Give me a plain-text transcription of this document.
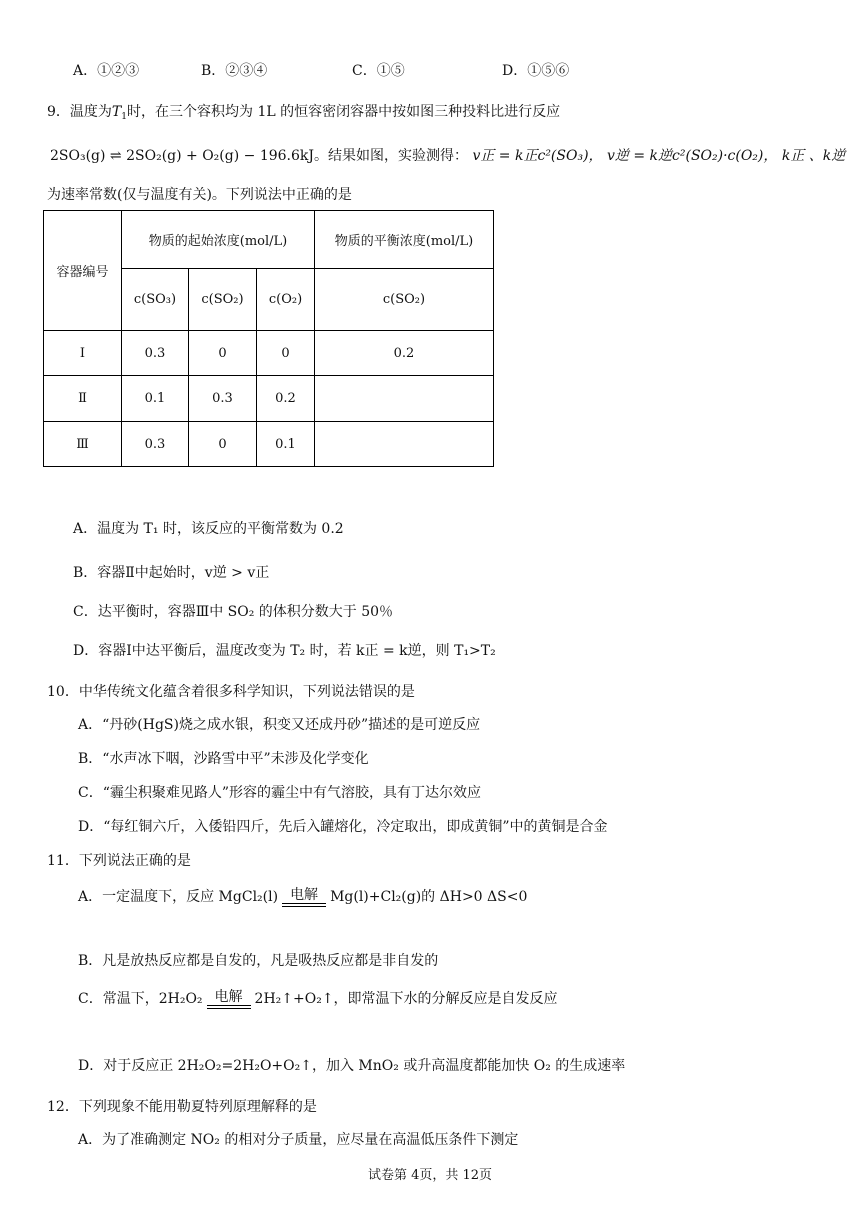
A．①②③	B．②③④	C．①⑤	D．①⑤⑥
9．温度为$T_1$时，在三个容积均为 1L 的恒容密闭容器中按如图三种投料比进行反应
2SO₃(g) ⇌ 2SO₂(g) + O₂(g) − 196.6kJ。结果如图，实验测得： v正 = k正c²(SO₃)， v逆 = k逆c²(SO₂)·c(O₂)， k正 、k逆
为速率常数(仅与温度有关)。下列说法中正确的是
容器编号	物质的起始浓度(mol/L)			物质的平衡浓度(mol/L)
	c(SO₃)	c(SO₂)	c(O₂)	c(SO₂)
Ⅰ	0.3	0	0	0.2
Ⅱ	0.1	0.3	0.2	
Ⅲ	0.3	0	0.1	
A．温度为 T₁ 时，该反应的平衡常数为 0.2
B．容器Ⅱ中起始时，v逆 > v正
C．达平衡时，容器Ⅲ中 SO₂ 的体积分数大于 50％
D．容器Ⅰ中达平衡后，温度改变为 T₂ 时，若 k正 = k逆，则 T₁>T₂
10．中华传统文化蕴含着很多科学知识，下列说法错误的是
A．“丹砂(HgS)烧之成水银，积变又还成丹砂”描述的是可逆反应
B．“水声冰下咽，沙路雪中平”未涉及化学变化
C．“霾尘积聚难见路人”形容的霾尘中有气溶胶，具有丁达尔效应
D．“每红铜六斤，入倭铅四斤，先后入罐熔化，冷定取出，即成黄铜”中的黄铜是合金
11．下列说法正确的是
A．一定温度下，反应 MgCl₂(l) 电解 Mg(l)+Cl₂(g)的 ΔH>0 ΔS<0
B．凡是放热反应都是自发的，凡是吸热反应都是非自发的
C．常温下，2H₂O₂ 电解 2H₂↑+O₂↑，即常温下水的分解反应是自发反应
D．对于反应正 2H₂O₂=2H₂O+O₂↑，加入 MnO₂ 或升高温度都能加快 O₂ 的生成速率
12．下列现象不能用勒夏特列原理解释的是
A．为了准确测定 NO₂ 的相对分子质量，应尽量在高温低压条件下测定
试卷第 4页，共 12页
